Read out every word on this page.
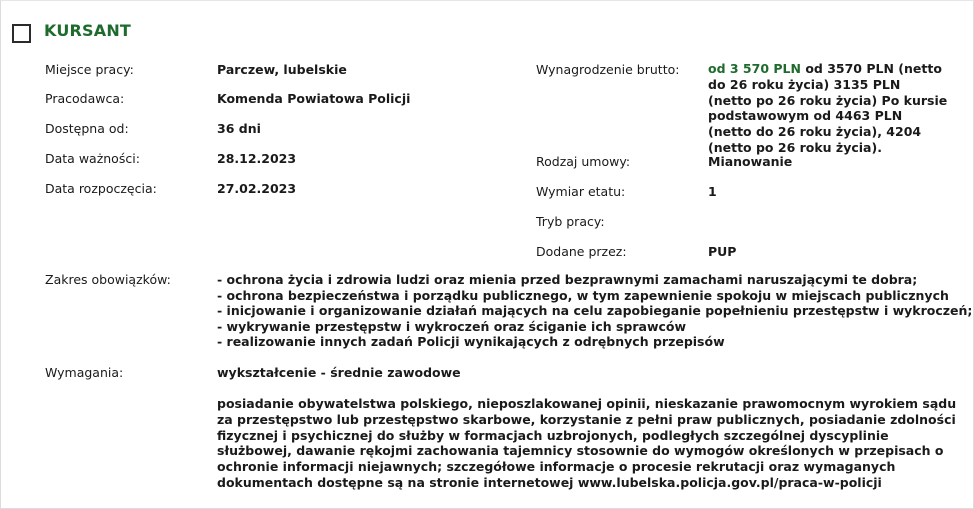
KURSANT
Miejsce pracy:	Parczew, lubelskie
Pracodawca:	Komenda Powiatowa Policji
Dostępna od:	36 dni
Data ważności:	28.12.2023
Data rozpoczęcia:	27.02.2023
Wynagrodzenie brutto: od 3 570 PLN od 3570 PLN (netto do 26 roku życia) 3135 PLN (netto po 26 roku życia) Po kursie podstawowym od 4463 PLN (netto do 26 roku życia), 4204 (netto po 26 roku życia).
Rodzaj umowy:	Mianowanie
Wymiar etatu:	1
Tryb pracy:
Dodane przez:	PUP
Zakres obowiązków:	- ochrona życia i zdrowia ludzi oraz mienia przed bezprawnymi zamachami naruszającymi te dobra;
- ochrona bezpieczeństwa i porządku publicznego, w tym zapewnienie spokoju w miejscach publicznych
- inicjowanie i organizowanie działań mających na celu zapobieganie popełnieniu przestępstw i wykroczeń;
- wykrywanie przestępstw i wykroczeń oraz ściganie ich sprawców
- realizowanie innych zadań Policji wynikających z odrębnych przepisów
Wymagania:	wykształcenie - średnie zawodowe
posiadanie obywatelstwa polskiego, nieposzlakowanej opinii, nieskazanie prawomocnym wyrokiem sądu za przestępstwo lub przestępstwo skarbowe, korzystanie z pełni praw publicznych, posiadanie zdolności fizycznej i psychicznej do służby w formacjach uzbrojonych, podległych szczególnej dyscyplinie służbowej, dawanie rękojmi zachowania tajemnicy stosownie do wymogów określonych w przepisach o ochronie informacji niejawnych; szczegółowe informacje o procesie rekrutacji oraz wymaganych dokumentach dostępne są na stronie internetowej www.lubelska.policja.gov.pl/praca-w-policji
